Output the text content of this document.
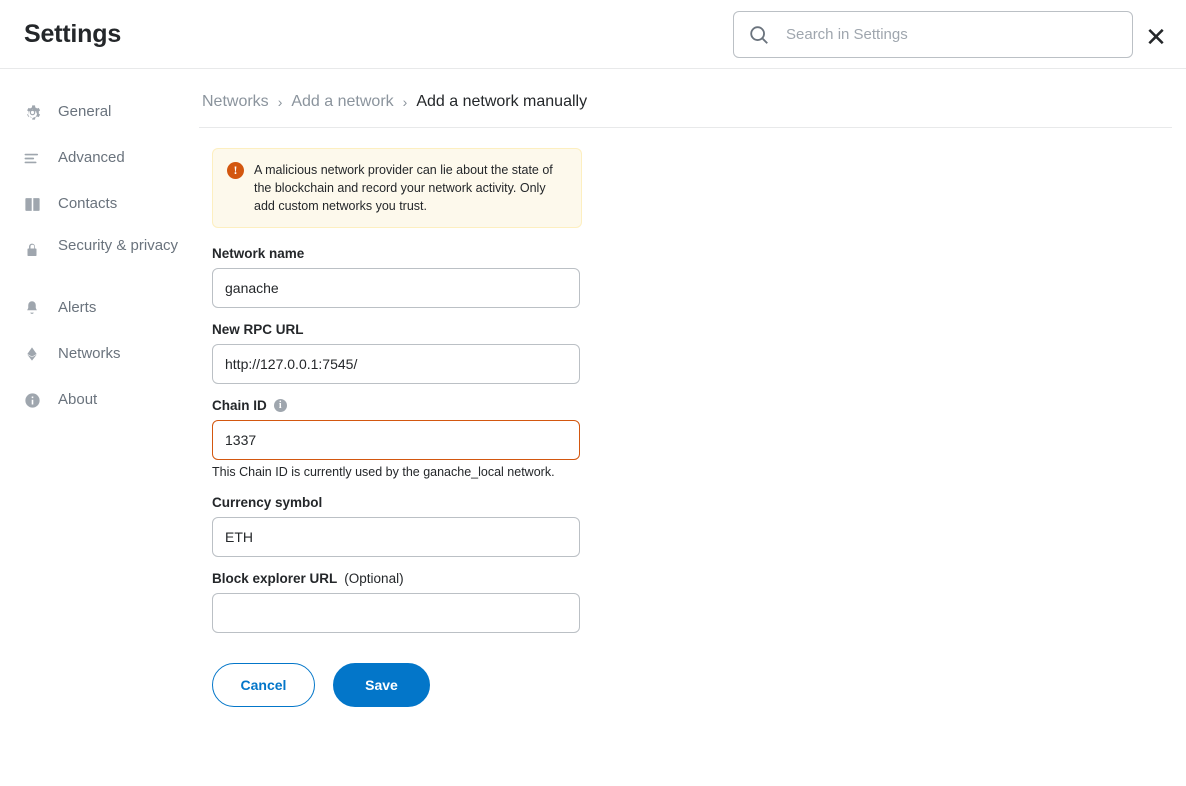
Settings
Search in Settings	✕
General
Advanced
Contacts
Security & privacy
Alerts
Networks
About
Networks › Add a network › Add a network manually
!	A malicious network provider can lie about the state of the blockchain and record your network activity. Only add custom networks you trust.
Network name
ganache
New RPC URL
http://127.0.0.1:7545/
Chain ID	i
1337
This Chain ID is currently used by the ganache_local network.
Currency symbol
ETH
Block explorer URL (Optional)
Cancel	Save
